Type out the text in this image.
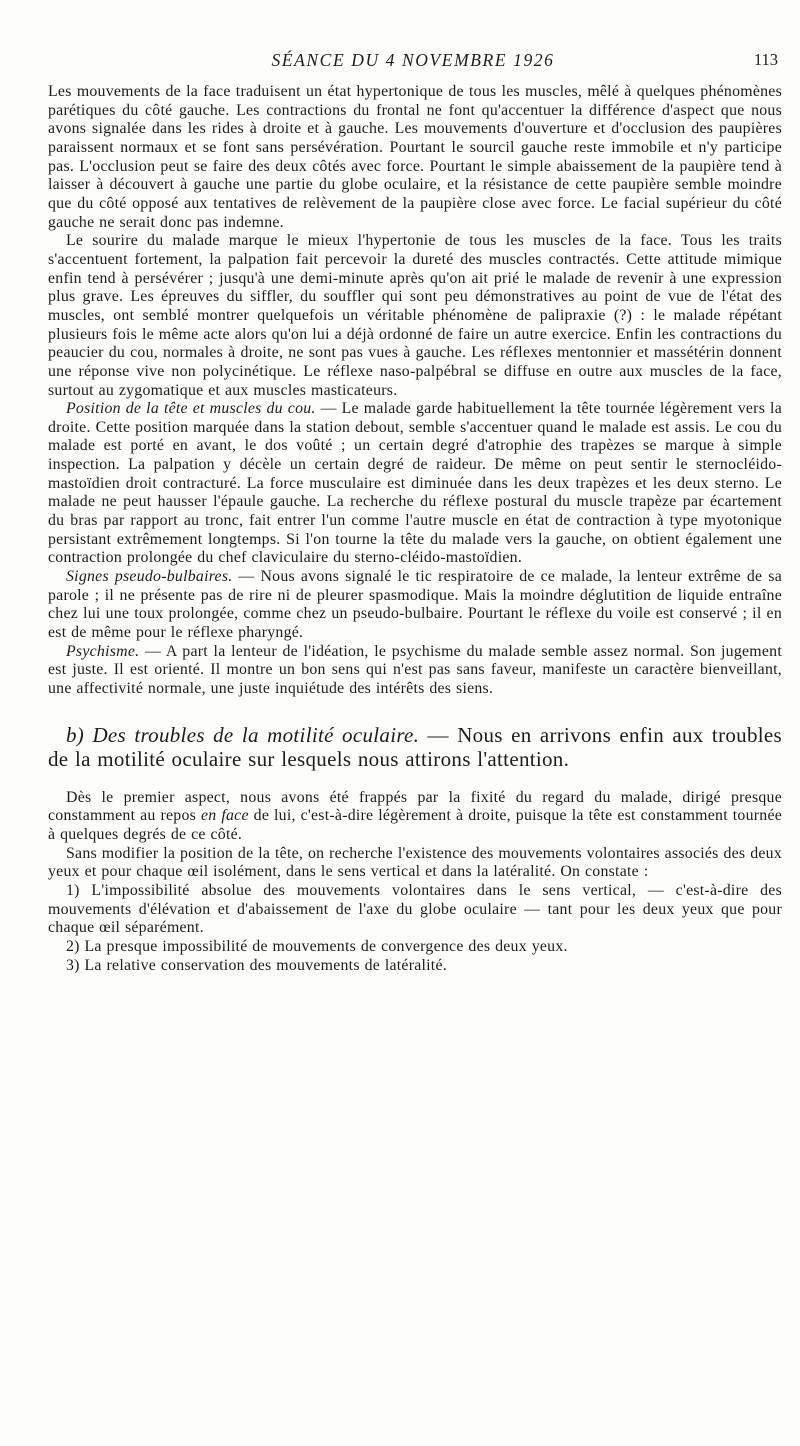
SÉANCE DU 4 NOVEMBRE 1926	113

Les mouvements de la face traduisent un état hypertonique de tous les muscles, mêlé à quelques phénomènes parétiques du côté gauche. Les contractions du frontal ne font qu'accentuer la différence d'aspect que nous avons signalée dans les rides à droite et à gauche. Les mouvements d'ouverture et d'occlusion des paupières paraissent normaux et se font sans persévération. Pourtant le sourcil gauche reste immobile et n'y participe pas. L'occlusion peut se faire des deux côtés avec force. Pourtant le simple abaissement de la paupière tend à laisser à découvert à gauche une partie du globe oculaire, et la résistance de cette paupière semble moindre que du côté opposé aux tentatives de relèvement de la paupière close avec force. Le facial supérieur du côté gauche ne serait donc pas indemne.

Le sourire du malade marque le mieux l'hypertonie de tous les muscles de la face. Tous les traits s'accentuent fortement, la palpation fait percevoir la dureté des muscles contractés. Cette attitude mimique enfin tend à persévérer ; jusqu'à une demi-minute après qu'on ait prié le malade de revenir à une expression plus grave. Les épreuves du siffler, du souffler qui sont peu démonstratives au point de vue de l'état des muscles, ont semblé montrer quelquefois un véritable phénomène de palipraxie (?) : le malade répétant plusieurs fois le même acte alors qu'on lui a déjà ordonné de faire un autre exercice. Enfin les contractions du peaucier du cou, normales à droite, ne sont pas vues à gauche. Les réflexes mentonnier et massétérin donnent une réponse vive non polycinétique. Le réflexe naso-palpébral se diffuse en outre aux muscles de la face, surtout au zygomatique et aux muscles masticateurs.

Position de la tête et muscles du cou. — Le malade garde habituellement la tête tournée légèrement vers la droite. Cette position marquée dans la station debout, semble s'accentuer quand le malade est assis. Le cou du malade est porté en avant, le dos voûté ; un certain degré d'atrophie des trapèzes se marque à simple inspection. La palpation y décèle un certain degré de raideur. De même on peut sentir le sternocléido-mastoïdien droit contracturé. La force musculaire est diminuée dans les deux trapèzes et les deux sterno. Le malade ne peut hausser l'épaule gauche. La recherche du réflexe postural du muscle trapèze par écartement du bras par rapport au tronc, fait entrer l'un comme l'autre muscle en état de contraction à type myotonique persistant extrêmement longtemps. Si l'on tourne la tête du malade vers la gauche, on obtient également une contraction prolongée du chef claviculaire du sterno-cléido-mastoïdien.

Signes pseudo-bulbaires. — Nous avons signalé le tic respiratoire de ce malade, la lenteur extrême de sa parole ; il ne présente pas de rire ni de pleurer spasmodique. Mais la moindre déglutition de liquide entraîne chez lui une toux prolongée, comme chez un pseudo-bulbaire. Pourtant le réflexe du voile est conservé ; il en est de même pour le réflexe pharyngé.

Psychisme. — A part la lenteur de l'idéation, le psychisme du malade semble assez normal. Son jugement est juste. Il est orienté. Il montre un bon sens qui n'est pas sans faveur, manifeste un caractère bienveillant, une affectivité normale, une juste inquiétude des intérêts des siens.

b) Des troubles de la motilité oculaire. — Nous en arrivons enfin aux troubles de la motilité oculaire sur lesquels nous attirons l'attention.

Dès le premier aspect, nous avons été frappés par la fixité du regard du malade, dirigé presque constamment au repos en face de lui, c'est-à-dire légèrement à droite, puisque la tête est constamment tournée à quelques degrés de ce côté.

Sans modifier la position de la tête, on recherche l'existence des mouvements volontaires associés des deux yeux et pour chaque œil isolément, dans le sens vertical et dans la latéralité. On constate :

1) L'impossibilité absolue des mouvements volontaires dans le sens vertical, — c'est-à-dire des mouvements d'élévation et d'abaissement de l'axe du globe oculaire — tant pour les deux yeux que pour chaque œil séparément.

2) La presque impossibilité de mouvements de convergence des deux yeux.

3) La relative conservation des mouvements de latéralité.
